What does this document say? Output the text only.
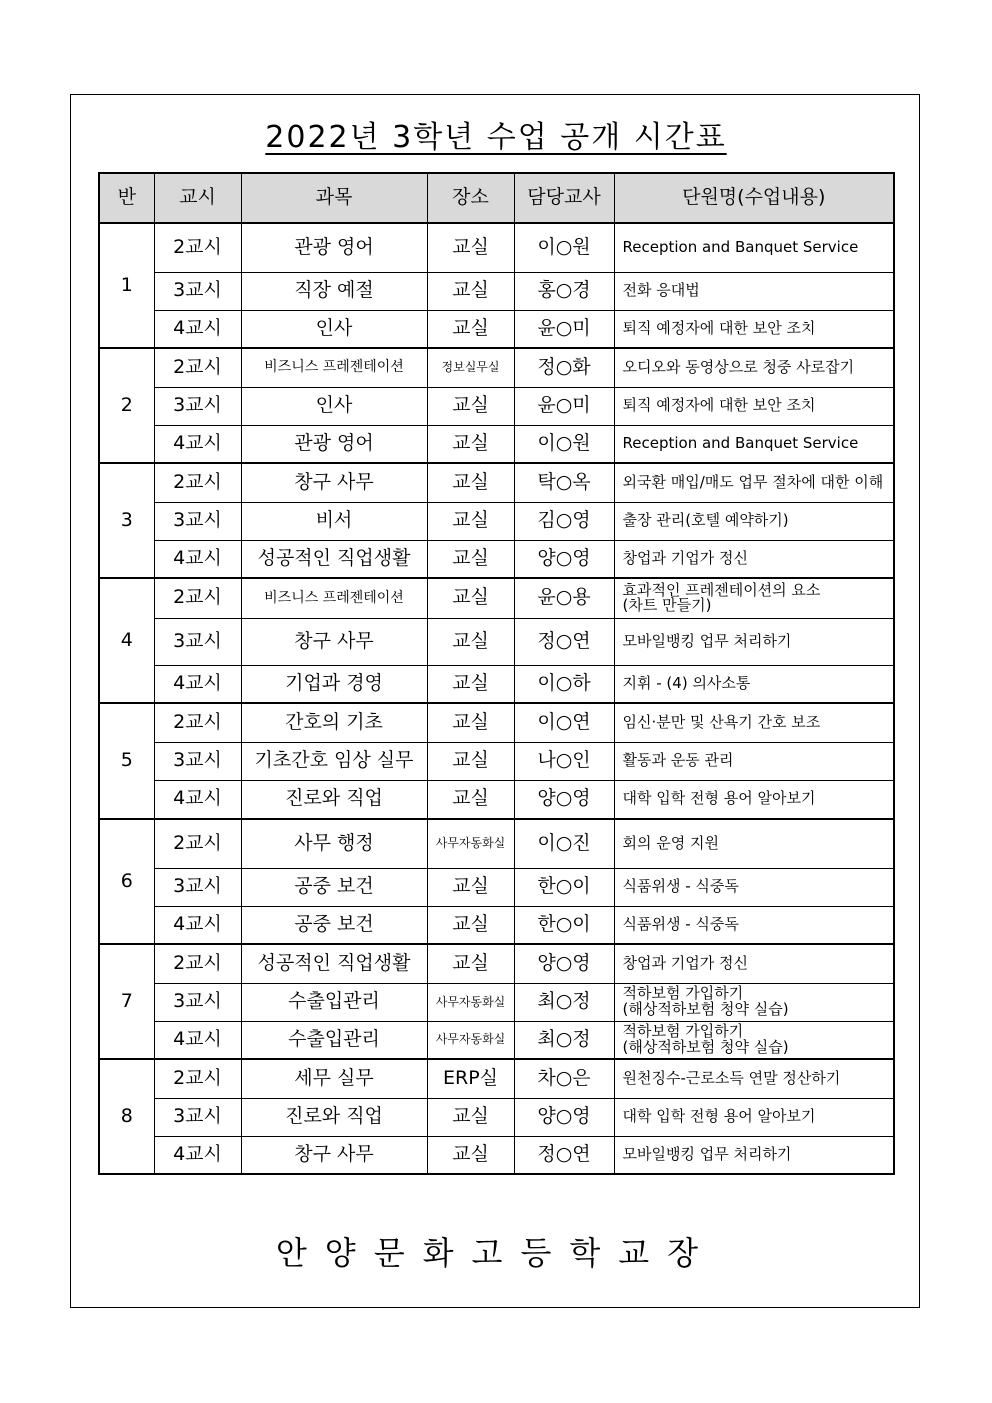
2022년 3학년 수업 공개 시간표
반	교시	과목	장소	담당교사	단원명(수업내용)
1	2교시	관광 영어	교실	이○원	Reception and Banquet Service
	3교시	직장 예절	교실	홍○경	전화 응대법
	4교시	인사	교실	윤○미	퇴직 예정자에 대한 보안 조치
2	2교시	비즈니스 프레젠테이션	정보실무실	정○화	오디오와 동영상으로 청중 사로잡기
	3교시	인사	교실	윤○미	퇴직 예정자에 대한 보안 조치
	4교시	관광 영어	교실	이○원	Reception and Banquet Service
3	2교시	창구 사무	교실	탁○옥	외국환 매입/매도 업무 절차에 대한 이해
	3교시	비서	교실	김○영	출장 관리(호텔 예약하기)
	4교시	성공적인 직업생활	교실	양○영	창업과 기업가 정신
4	2교시	비즈니스 프레젠테이션	교실	윤○용	효과적인 프레젠테이션의 요소
(차트 만들기)

	3교시	창구 사무	교실	정○연	모바일뱅킹 업무 처리하기
	4교시	기업과 경영	교실	이○하	지휘 - (4) 의사소통
5	2교시	간호의 기초	교실	이○연	임신·분만 및 산욕기 간호 보조
	3교시	기초간호 임상 실무	교실	나○인	활동과 운동 관리
	4교시	진로와 직업	교실	양○영	대학 입학 전형 용어 알아보기
6	2교시	사무 행정	사무자동화실	이○진	회의 운영 지원
	3교시	공중 보건	교실	한○이	식품위생 - 식중독
	4교시	공중 보건	교실	한○이	식품위생 - 식중독
7	2교시	성공적인 직업생활	교실	양○영	창업과 기업가 정신
	3교시	수출입관리	사무자동화실	최○정	적하보험 가입하기
(해상적하보험 청약 실습)

	4교시	수출입관리	사무자동화실	최○정	적하보험 가입하기
(해상적하보험 청약 실습)

8	2교시	세무 실무	ERP실	차○은	원천징수-근로소득 연말 정산하기
	3교시	진로와 직업	교실	양○영	대학 입학 전형 용어 알아보기
	4교시	창구 사무	교실	정○연	모바일뱅킹 업무 처리하기
안양문화고등학교장
